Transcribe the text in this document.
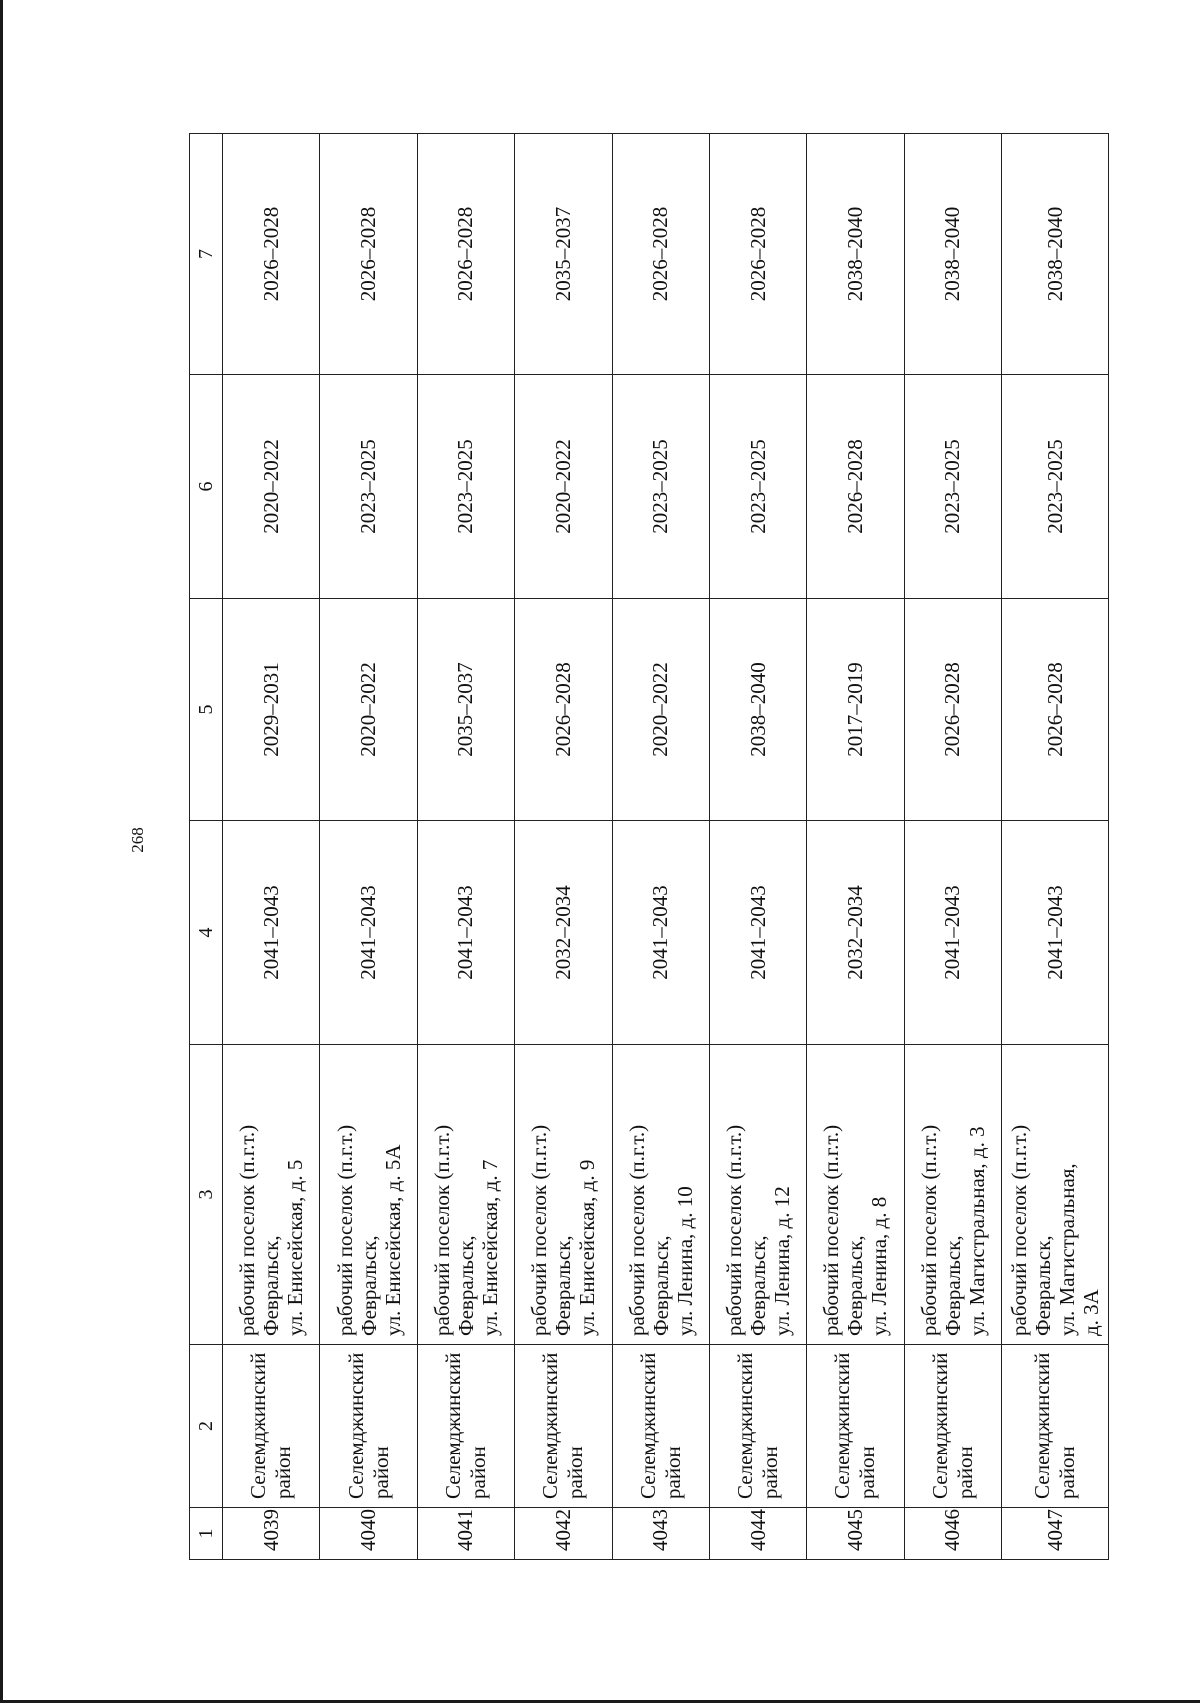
268
1	2	3	4	5	6	7
4039	Селемджинский район	рабочий поселок (п.г.т.) Февральск, ул. Енисейская, д. 5	2041–2043	2029–2031	2020–2022	2026–2028
4040	Селемджинский район	рабочий поселок (п.г.т.) Февральск, ул. Енисейская, д. 5А	2041–2043	2020–2022	2023–2025	2026–2028
4041	Селемджинский район	рабочий поселок (п.г.т.) Февральск, ул. Енисейская, д. 7	2041–2043	2035–2037	2023–2025	2026–2028
4042	Селемджинский район	рабочий поселок (п.г.т.) Февральск, ул. Енисейская, д. 9	2032–2034	2026–2028	2020–2022	2035–2037
4043	Селемджинский район	рабочий поселок (п.г.т.) Февральск, ул. Ленина, д. 10	2041–2043	2020–2022	2023–2025	2026–2028
4044	Селемджинский район	рабочий поселок (п.г.т.) Февральск, ул. Ленина, д. 12	2041–2043	2038–2040	2023–2025	2026–2028
4045	Селемджинский район	рабочий поселок (п.г.т.) Февральск, ул. Ленина, д. 8	2032–2034	2017–2019	2026–2028	2038–2040
4046	Селемджинский район	рабочий поселок (п.г.т.) Февральск, ул. Магистральная, д. 3	2041–2043	2026–2028	2023–2025	2038–2040
4047	Селемджинский район	рабочий поселок (п.г.т.) Февральск, ул. Магистральная, д. 3А	2041–2043	2026–2028	2023–2025	2038–2040
